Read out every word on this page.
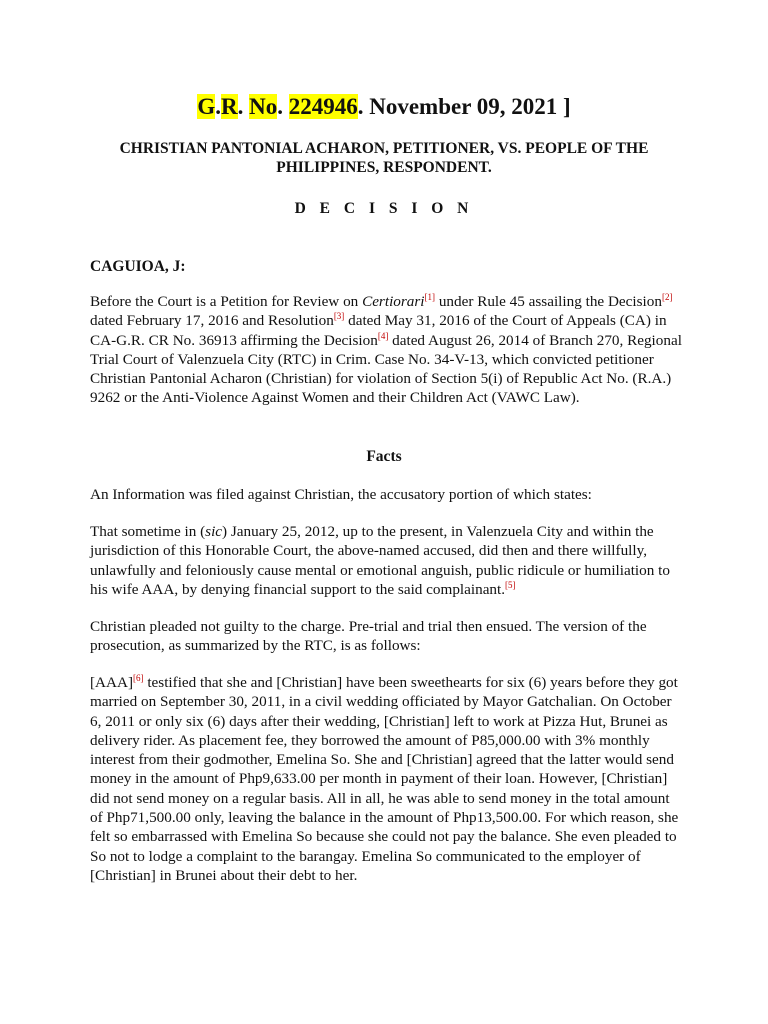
G.R. No. 224946. November 09, 2021 ]
CHRISTIAN PANTONIAL ACHARON, PETITIONER, VS. PEOPLE OF THE PHILIPPINES, RESPONDENT.
D E C I S I O N
CAGUIOA, J:

Before the Court is a Petition for Review on Certiorari[1] under Rule 45 assailing the Decision[2] dated February 17, 2016 and Resolution[3] dated May 31, 2016 of the Court of Appeals (CA) in CA-G.R. CR No. 36913 affirming the Decision[4] dated August 26, 2014 of Branch 270, Regional Trial Court of Valenzuela City (RTC) in Crim. Case No. 34-V-13, which convicted petitioner Christian Pantonial Acharon (Christian) for violation of Section 5(i) of Republic Act No. (R.A.) 9262 or the Anti-Violence Against Women and their Children Act (VAWC Law).

Facts

An Information was filed against Christian, the accusatory portion of which states:

That sometime in (sic) January 25, 2012, up to the present, in Valenzuela City and within the jurisdiction of this Honorable Court, the above-named accused, did then and there willfully, unlawfully and feloniously cause mental or emotional anguish, public ridicule or humiliation to his wife AAA, by denying financial support to the said complainant.[5]

Christian pleaded not guilty to the charge. Pre-trial and trial then ensued. The version of the prosecution, as summarized by the RTC, is as follows:

[AAA][6] testified that she and [Christian] have been sweethearts for six (6) years before they got married on September 30, 2011, in a civil wedding officiated by Mayor Gatchalian. On October 6, 2011 or only six (6) days after their wedding, [Christian] left to work at Pizza Hut, Brunei as delivery rider. As placement fee, they borrowed the amount of P85,000.00 with 3% monthly interest from their godmother, Emelina So. She and [Christian] agreed that the latter would send money in the amount of Php9,633.00 per month in payment of their loan. However, [Christian] did not send money on a regular basis. All in all, he was able to send money in the total amount of Php71,500.00 only, leaving the balance in the amount of Php13,500.00. For which reason, she felt so embarrassed with Emelina So because she could not pay the balance. She even pleaded to So not to lodge a complaint to the barangay. Emelina So communicated to the employer of [Christian] in Brunei about their debt to her.
